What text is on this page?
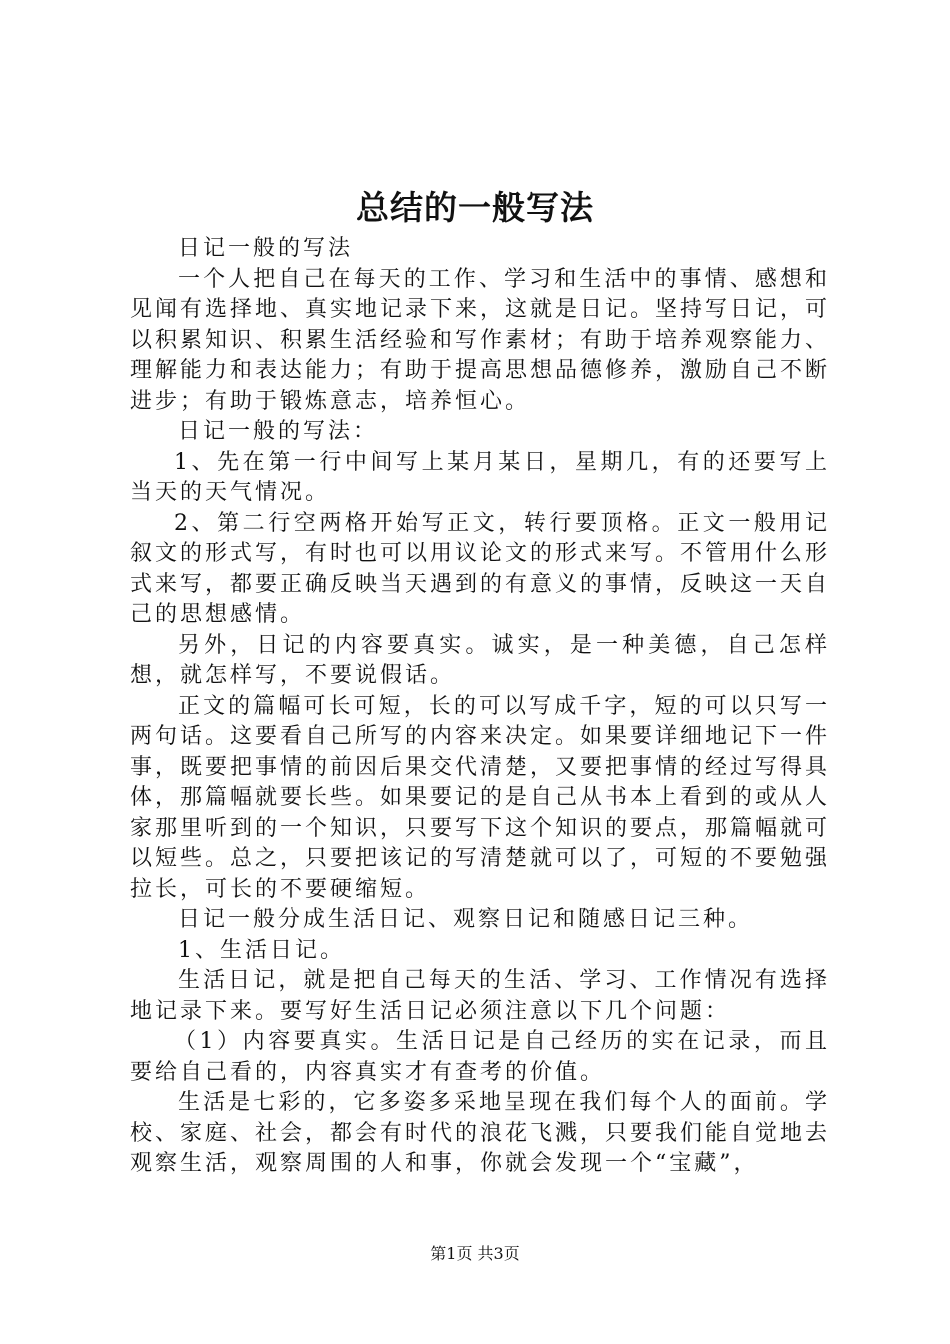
总结的一般写法

日记一般的写法

一个人把自己在每天的工作、学习和生活中的事情、感想和见闻有选择地、真实地记录下来，这就是日记。坚持写日记，可以积累知识、积累生活经验和写作素材；有助于培养观察能力、理解能力和表达能力；有助于提高思想品德修养，激励自己不断进步；有助于锻炼意志，培养恒心。

日记一般的写法：

1、先在第一行中间写上某月某日，星期几，有的还要写上当天的天气情况。

2、第二行空两格开始写正文，转行要顶格。正文一般用记叙文的形式写，有时也可以用议论文的形式来写。不管用什么形式来写，都要正确反映当天遇到的有意义的事情，反映这一天自己的思想感情。

另外，日记的内容要真实。诚实，是一种美德，自己怎样想，就怎样写，不要说假话。

正文的篇幅可长可短，长的可以写成千字，短的可以只写一两句话。这要看自己所写的内容来决定。如果要详细地记下一件事，既要把事情的前因后果交代清楚，又要把事情的经过写得具体，那篇幅就要长些。如果要记的是自己从书本上看到的或从人家那里听到的一个知识，只要写下这个知识的要点，那篇幅就可以短些。总之，只要把该记的写清楚就可以了，可短的不要勉强拉长，可长的不要硬缩短。

日记一般分成生活日记、观察日记和随感日记三种。

1、生活日记。

生活日记，就是把自己每天的生活、学习、工作情况有选择地记录下来。要写好生活日记必须注意以下几个问题：

（1）内容要真实。生活日记是自己经历的实在记录，而且要给自己看的，内容真实才有查考的价值。

生活是七彩的，它多姿多采地呈现在我们每个人的面前。学校、家庭、社会，都会有时代的浪花飞溅，只要我们能自觉地去观察生活，观察周围的人和事，你就会发现一个“宝藏”，

第1页 共3页
